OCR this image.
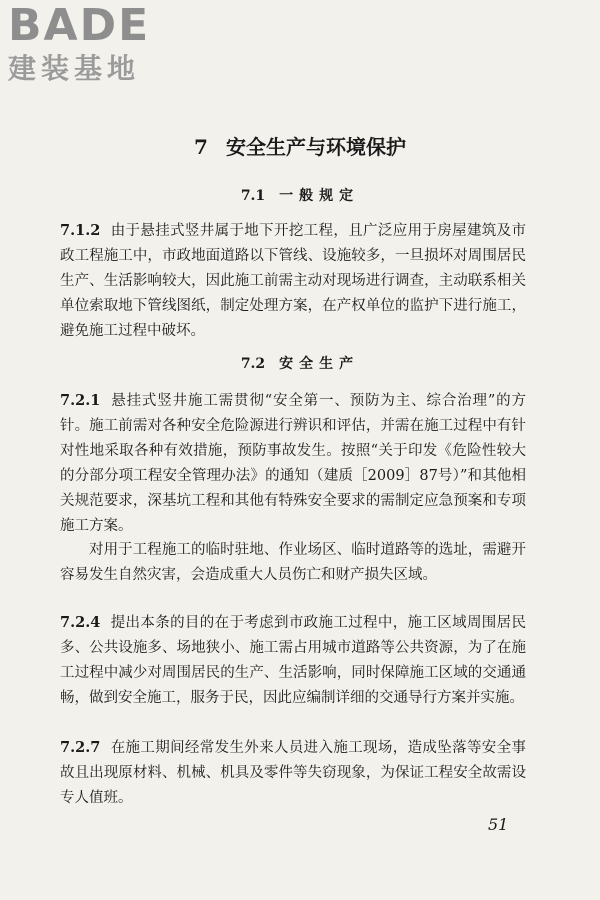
BADE
建装基地
7 安全生产与环境保护
7.1 一般规定

7.1.2 由于悬挂式竖井属于地下开挖工程，且广泛应用于房屋建筑及市政工程施工中，市政地面道路以下管线、设施较多，一旦损坏对周围居民生产、生活影响较大，因此施工前需主动对现场进行调查，主动联系相关单位索取地下管线图纸，制定处理方案，在产权单位的监护下进行施工，避免施工过程中破坏。

7.2 安全生产

7.2.1 悬挂式竖井施工需贯彻“安全第一、预防为主、综合治理”的方针。施工前需对各种安全危险源进行辨识和评估，并需在施工过程中有针对性地采取各种有效措施，预防事故发生。按照“关于印发《危险性较大的分部分项工程安全管理办法》的通知（建质［2009］87号）”和其他相关规范要求，深基坑工程和其他有特殊安全要求的需制定应急预案和专项施工方案。

对用于工程施工的临时驻地、作业场区、临时道路等的选址，需避开容易发生自然灾害，会造成重大人员伤亡和财产损失区域。

7.2.4 提出本条的目的在于考虑到市政施工过程中，施工区域周围居民多、公共设施多、场地狭小、施工需占用城市道路等公共资源，为了在施工过程中减少对周围居民的生产、生活影响，同时保障施工区域的交通通畅，做到安全施工，服务于民，因此应编制详细的交通导行方案并实施。

7.2.7 在施工期间经常发生外来人员进入施工现场，造成坠落等安全事故且出现原材料、机械、机具及零件等失窃现象，为保证工程安全故需设专人值班。

51
